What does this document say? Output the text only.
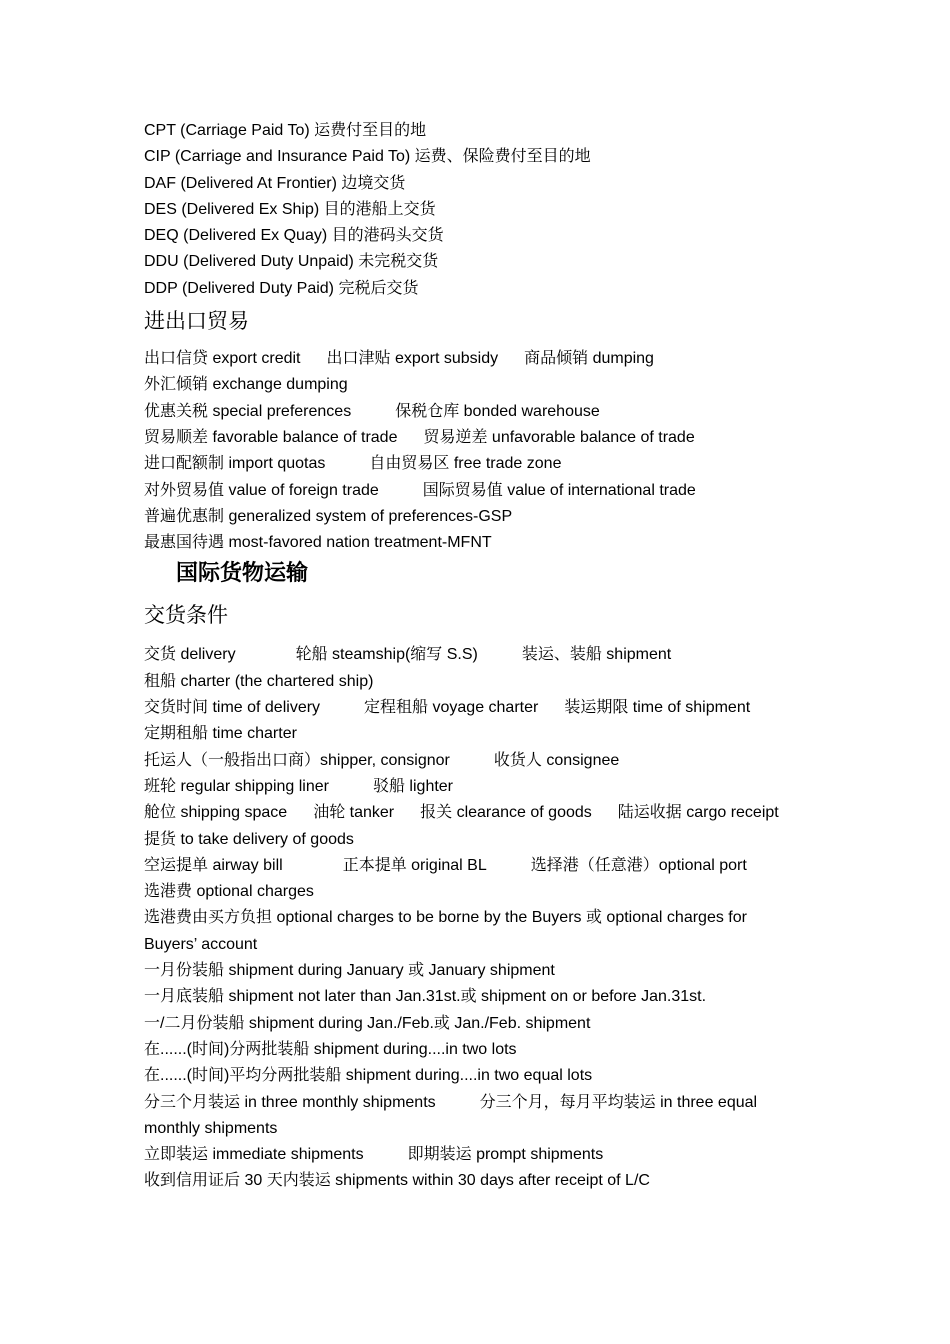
CPT (Carriage Paid To) 运费付至目的地
CIP (Carriage and Insurance Paid To) 运费、保险费付至目的地
DAF (Delivered At Frontier) 边境交货
DES (Delivered Ex Ship) 目的港船上交货
DEQ (Delivered Ex Quay) 目的港码头交货
DDU (Delivered Duty Unpaid) 未完税交货
DDP (Delivered Duty Paid) 完税后交货
进出口贸易
出口信贷 export credit 出口津贴 export subsidy 商品倾销 dumping
外汇倾销 exchange dumping
优惠关税 special preferences	保税仓库 bonded warehouse
贸易顺差 favorable balance of trade 贸易逆差 unfavorable balance of trade
进口配额制 import quotas	自由贸易区 free trade zone
对外贸易值 value of foreign trade	国际贸易值 value of international trade
普遍优惠制 generalized system of preferences-GSP
最惠国待遇 most-favored nation treatment-MFNT
国际货物运输
交货条件
交货 delivery	轮船 steamship(缩写 S.S)	装运、装船 shipment
租船 charter (the chartered ship)
交货时间 time of delivery	定程租船 voyage charter 装运期限 time of shipment
定期租船 time charter
托运人（一般指出口商）shipper, consignor	收货人 consignee
班轮 regular shipping liner	驳船 lighter
舱位 shipping space 油轮 tanker 报关 clearance of goods 陆运收据 cargo receipt
提货 to take delivery of goods
空运提单 airway bill	正本提单 original BL	选择港（任意港）optional port
选港费 optional charges
选港费由买方负担 optional charges to be borne by the Buyers 或 optional charges for
Buyers’ account
一月份装船 shipment during January 或 January shipment
一月底装船 shipment not later than Jan.31st.或 shipment on or before Jan.31st.
一/二月份装船 shipment during Jan./Feb.或 Jan./Feb. shipment
在......(时间)分两批装船 shipment during....in two lots
在......(时间)平均分两批装船 shipment during....in two equal lots
分三个月装运 in three monthly shipments	分三个月，每月平均装运 in three equal
monthly shipments
立即装运 immediate shipments	即期装运 prompt shipments
收到信用证后 30 天内装运 shipments within 30 days after receipt of L/C
